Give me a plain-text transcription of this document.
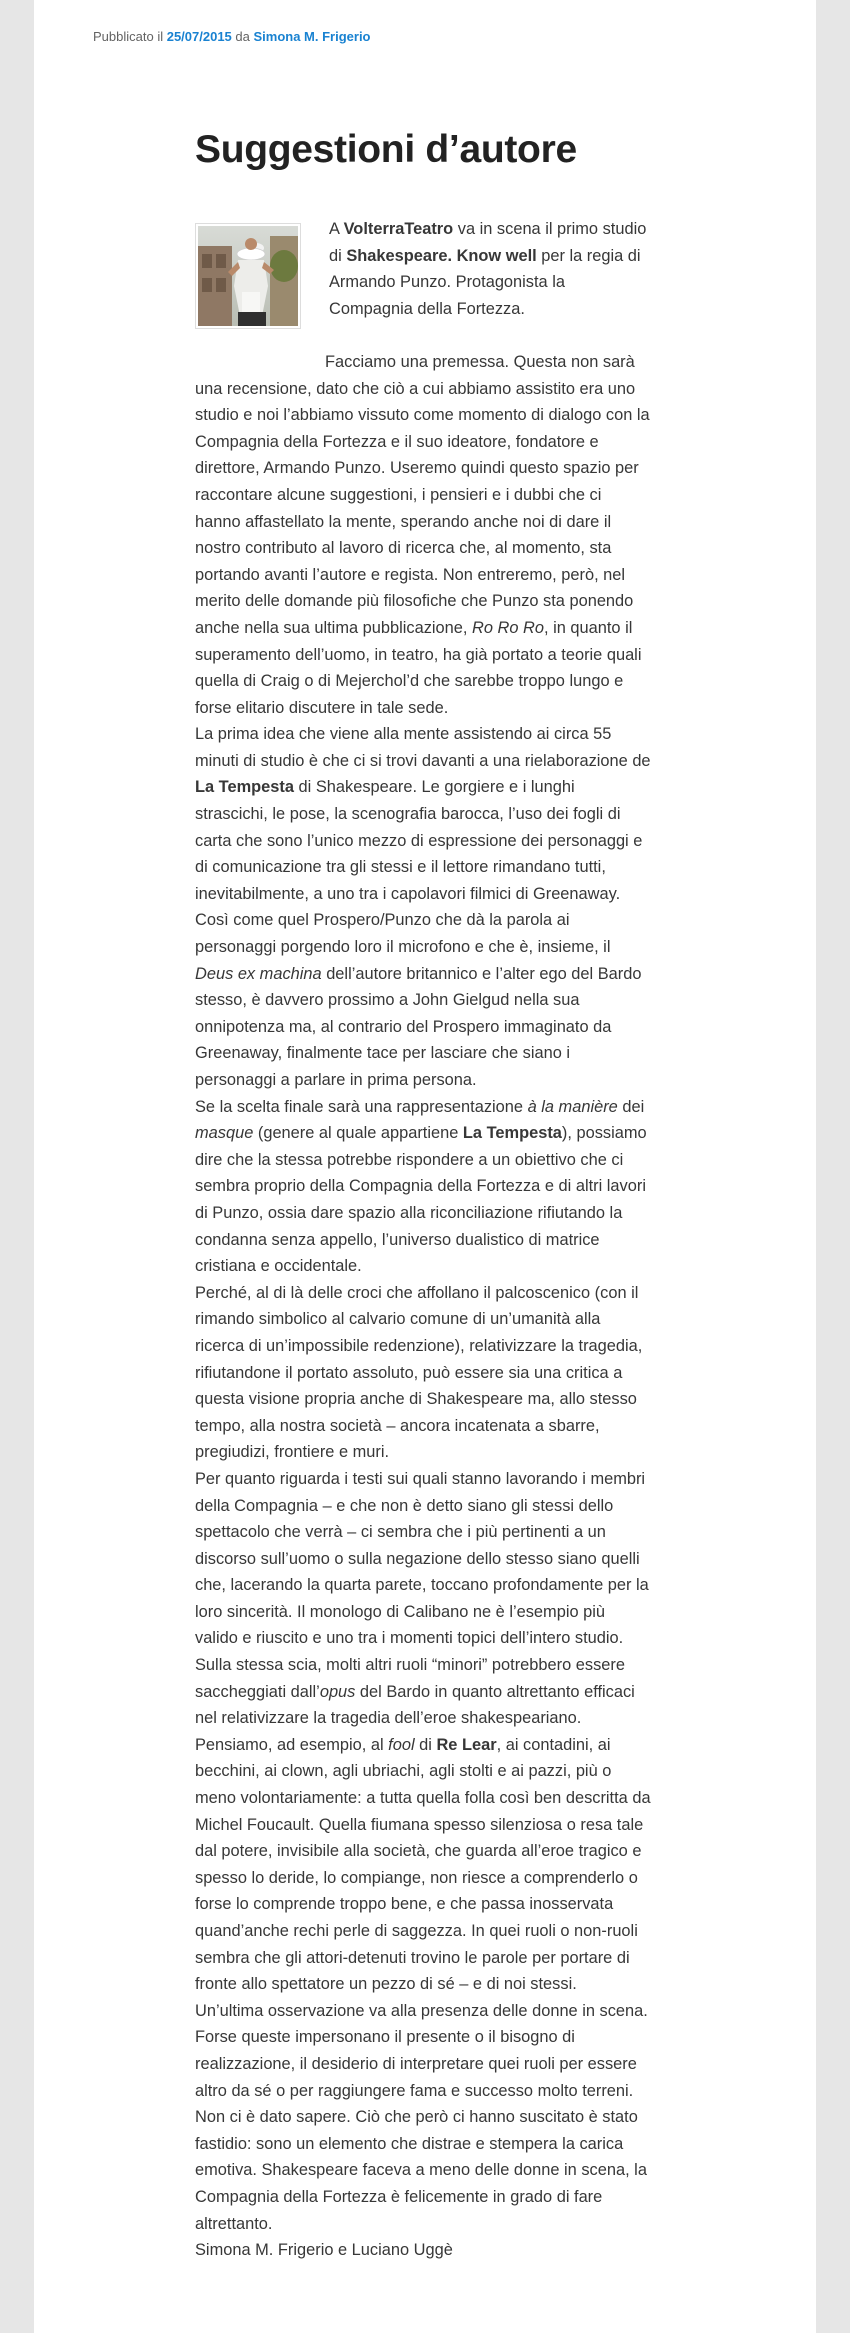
Pubblicato il 25/07/2015 da Simona M. Frigerio
Suggestioni d’autore

A VolterraTeatro va in scena il primo studio di Shakespeare. Know well per la regia di Armando Punzo. Protagonista la Compagnia della Fortezza.

Facciamo una premessa. Questa non sarà una recensione, dato che ciò a cui abbiamo assistito era uno studio e noi l’abbiamo vissuto come momento di dialogo con la Compagnia della Fortezza e il suo ideatore, fondatore e direttore, Armando Punzo. Useremo quindi questo spazio per raccontare alcune suggestioni, i pensieri e i dubbi che ci hanno affastellato la mente, sperando anche noi di dare il nostro contributo al lavoro di ricerca che, al momento, sta portando avanti l’autore e regista. Non entreremo, però, nel merito delle domande più filosofiche che Punzo sta ponendo anche nella sua ultima pubblicazione, Ro Ro Ro, in quanto il superamento dell’uomo, in teatro, ha già portato a teorie quali quella di Craig o di Mejerchol’d che sarebbe troppo lungo e forse elitario discutere in tale sede.

La prima idea che viene alla mente assistendo ai circa 55 minuti di studio è che ci si trovi davanti a una rielaborazione de La Tempesta di Shakespeare. Le gorgiere e i lunghi strascichi, le pose, la scenografia barocca, l’uso dei fogli di carta che sono l’unico mezzo di espressione dei personaggi e di comunicazione tra gli stessi e il lettore rimandano tutti, inevitabilmente, a uno tra i capolavori filmici di Greenaway. Così come quel Prospero/Punzo che dà la parola ai personaggi porgendo loro il microfono e che è, insieme, il Deus ex machina dell’autore britannico e l’alter ego del Bardo stesso, è davvero prossimo a John Gielgud nella sua onnipotenza ma, al contrario del Prospero immaginato da Greenaway, finalmente tace per lasciare che siano i personaggi a parlare in prima persona.

Se la scelta finale sarà una rappresentazione à la manière dei masque (genere al quale appartiene La Tempesta), possiamo dire che la stessa potrebbe rispondere a un obiettivo che ci sembra proprio della Compagnia della Fortezza e di altri lavori di Punzo, ossia dare spazio alla riconciliazione rifiutando la condanna senza appello, l’universo dualistico di matrice cristiana e occidentale.

Perché, al di là delle croci che affollano il palcoscenico (con il rimando simbolico al calvario comune di un’umanità alla ricerca di un’impossibile redenzione), relativizzare la tragedia, rifiutandone il portato assoluto, può essere sia una critica a questa visione propria anche di Shakespeare ma, allo stesso tempo, alla nostra società – ancora incatenata a sbarre, pregiudizi, frontiere e muri.

Per quanto riguarda i testi sui quali stanno lavorando i membri della Compagnia – e che non è detto siano gli stessi dello spettacolo che verrà – ci sembra che i più pertinenti a un discorso sull’uomo o sulla negazione dello stesso siano quelli che, lacerando la quarta parete, toccano profondamente per la loro sincerità. Il monologo di Calibano ne è l’esempio più valido e riuscito e uno tra i momenti topici dell’intero studio. Sulla stessa scia, molti altri ruoli “minori” potrebbero essere saccheggiati dall’opus del Bardo in quanto altrettanto efficaci nel relativizzare la tragedia dell’eroe shakespeariano. Pensiamo, ad esempio, al fool di Re Lear, ai contadini, ai becchini, ai clown, agli ubriachi, agli stolti e ai pazzi, più o meno volontariamente: a tutta quella folla così ben descritta da Michel Foucault. Quella fiumana spesso silenziosa o resa tale dal potere, invisibile alla società, che guarda all’eroe tragico e spesso lo deride, lo compiange, non riesce a comprenderlo o forse lo comprende troppo bene, e che passa inosservata quand’anche rechi perle di saggezza. In quei ruoli o non-ruoli sembra che gli attori-detenuti trovino le parole per portare di fronte allo spettatore un pezzo di sé – e di noi stessi.

Un’ultima osservazione va alla presenza delle donne in scena. Forse queste impersonano il presente o il bisogno di realizzazione, il desiderio di interpretare quei ruoli per essere altro da sé o per raggiungere fama e successo molto terreni. Non ci è dato sapere. Ciò che però ci hanno suscitato è stato fastidio: sono un elemento che distrae e stempera la carica emotiva. Shakespeare faceva a meno delle donne in scena, la Compagnia della Fortezza è felicemente in grado di fare altrettanto.

Simona M. Frigerio e Luciano Uggè
